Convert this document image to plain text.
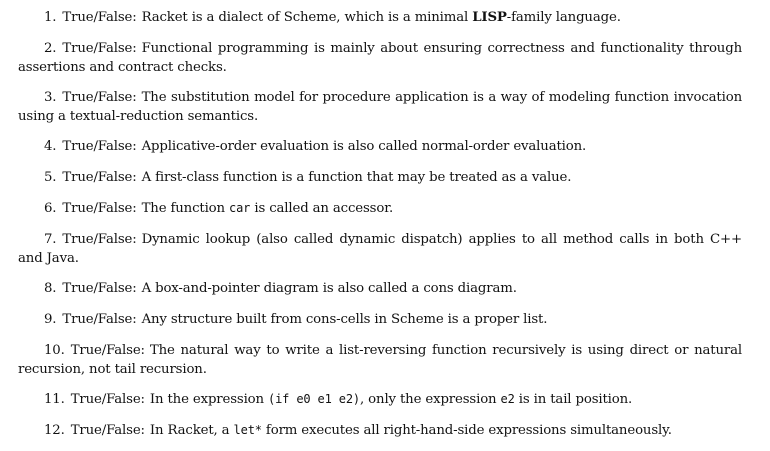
1. True/False: Racket is a dialect of Scheme, which is a minimal LISP-family language.

2. True/False: Functional programming is mainly about ensuring correctness and functionality through assertions and contract checks.

3. True/False: The substitution model for procedure application is a way of modeling function invocation using a textual-reduction semantics.

4. True/False: Applicative-order evaluation is also called normal-order evaluation.

5. True/False: A first-class function is a function that may be treated as a value.

6. True/False: The function car is called an accessor.

7. True/False: Dynamic lookup (also called dynamic dispatch) applies to all method calls in both C++ and Java.

8. True/False: A box-and-pointer diagram is also called a cons diagram.

9. True/False: Any structure built from cons-cells in Scheme is a proper list.

10. True/False: The natural way to write a list-reversing function recursively is using direct or natural recursion, not tail recursion.

11. True/False: In the expression (if e0 e1 e2), only the expression e2 is in tail position.

12. True/False: In Racket, a let* form executes all right-hand-side expressions simultaneously.
